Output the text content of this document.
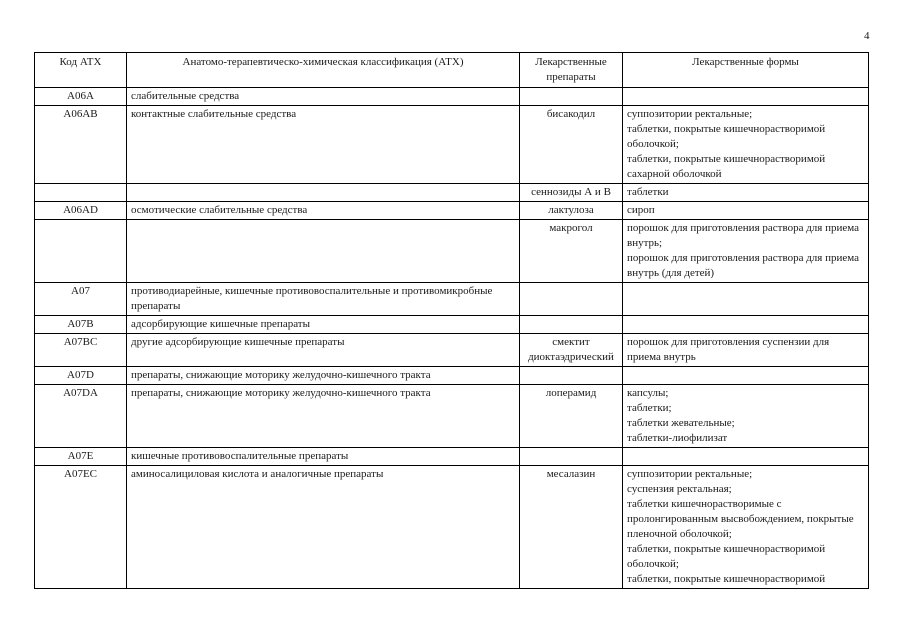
4
Код АТХ	Анатомо-терапевтическо-химическая классификация (АТХ)	Лекарственные препараты	Лекарственные формы
A06A	слабительные средства		
A06AB	контактные слабительные средства	бисакодил	суппозитории ректальные;
таблетки, покрытые кишечнорастворимой оболочкой;
таблетки, покрытые кишечнорастворимой сахарной оболочкой

		сеннозиды А и B	таблетки

A06AD	осмотические слабительные средства	лактулоза	сироп

		макрогол	порошок для приготовления раствора для приема внутрь;
порошок для приготовления раствора для приема внутрь (для детей)

A07	противодиарейные, кишечные противовоспалительные и противомикробные препараты		
A07B	адсорбирующие кишечные препараты		
A07BC	другие адсорбирующие кишечные препараты	смектит диоктаэдрический	порошок для приготовления суспензии для приема внутрь

A07D	препараты, снижающие моторику желудочно-кишечного тракта		
A07DA	препараты, снижающие моторику желудочно-кишечного тракта	лоперамид	капсулы;
таблетки;
таблетки жевательные;
таблетки-лиофилизат

A07E	кишечные противовоспалительные препараты		
A07EC	аминосалициловая кислота и аналогичные препараты	месалазин	суппозитории ректальные;
суспензия ректальная;
таблетки кишечнорастворимые с пролонгированным высвобождением, покрытые пленочной оболочкой;
таблетки, покрытые кишечнорастворимой оболочкой;
таблетки, покрытые кишечнорастворимой
